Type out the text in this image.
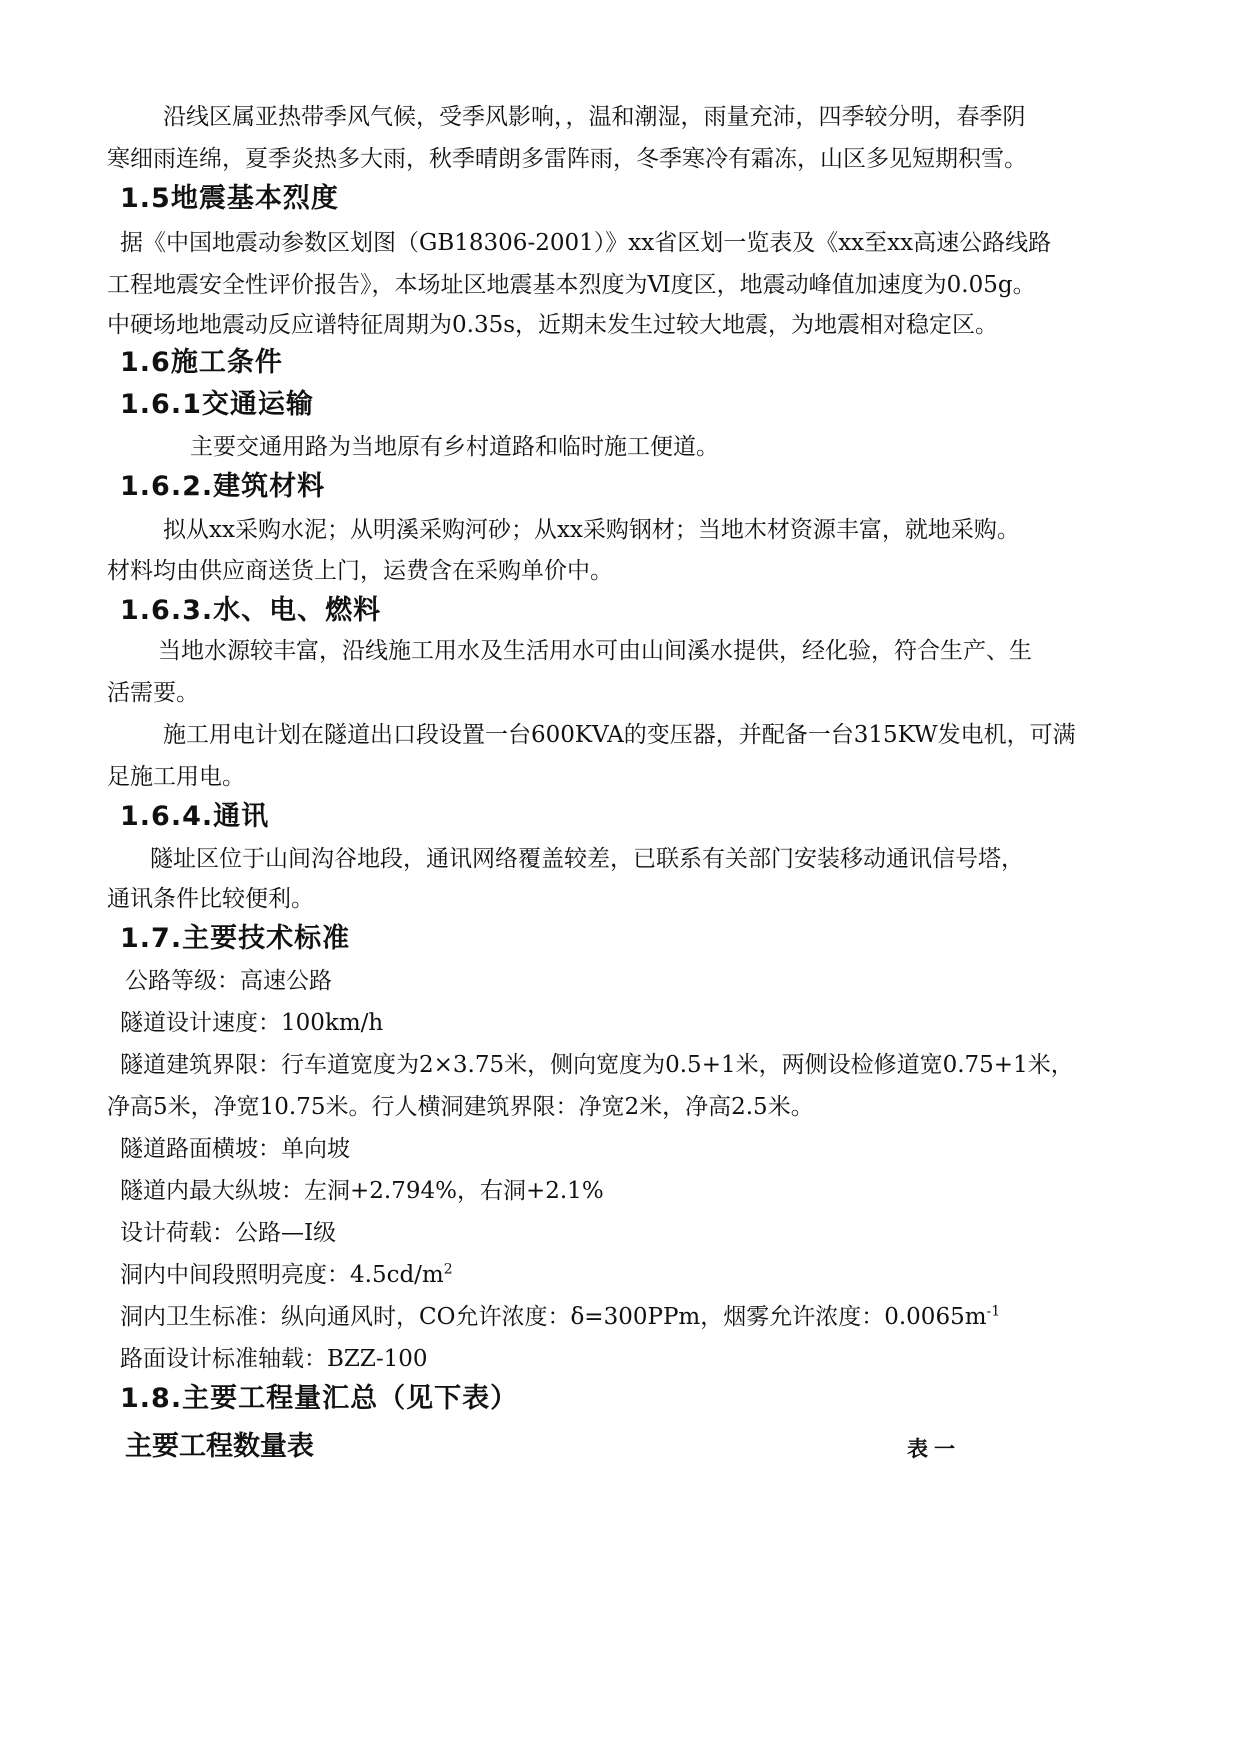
沿线区属亚热带季风气候，受季风影响，，温和潮湿，雨量充沛，四季较分明，春季阴
寒细雨连绵，夏季炎热多大雨，秋季晴朗多雷阵雨，冬季寒冷有霜冻，山区多见短期积雪。
1.5地震基本烈度
据《中国地震动参数区划图（GB18306-2001）》xx省区划一览表及《xx至xx高速公路线路
工程地震安全性评价报告》，本场址区地震基本烈度为Ⅵ度区，地震动峰值加速度为0.05g。
中硬场地地震动反应谱特征周期为0.35s，近期未发生过较大地震，为地震相对稳定区。
1.6施工条件
1.6.1交通运输
主要交通用路为当地原有乡村道路和临时施工便道。
1.6.2.建筑材料
拟从xx采购水泥；从明溪采购河砂；从xx采购钢材；当地木材资源丰富，就地采购。
材料均由供应商送货上门，运费含在采购单价中。
1.6.3.水、电、燃料
当地水源较丰富，沿线施工用水及生活用水可由山间溪水提供，经化验，符合生产、生
活需要。
施工用电计划在隧道出口段设置一台600KVA的变压器，并配备一台315KW发电机，可满
足施工用电。
1.6.4.通讯
隧址区位于山间沟谷地段，通讯网络覆盖较差，已联系有关部门安装移动通讯信号塔，
通讯条件比较便利。
1.7.主要技术标准
公路等级：高速公路
隧道设计速度：100km/h
隧道建筑界限：行车道宽度为2×3.75米，侧向宽度为0.5+1米，两侧设检修道宽0.75+1米，
净高5米，净宽10.75米。行人横洞建筑界限：净宽2米，净高2.5米。
隧道路面横坡：单向坡
隧道内最大纵坡：左洞+2.794%，右洞+2.1%
设计荷载：公路—Ⅰ级
洞内中间段照明亮度：$4.5cd/m^2$
洞内卫生标准：纵向通风时，CO允许浓度：δ=300PPm，烟雾允许浓度：$0.0065m^{-1}$
路面设计标准轴载：BZZ-100
1.8.主要工程量汇总（见下表）
主要工程数量表	表一
